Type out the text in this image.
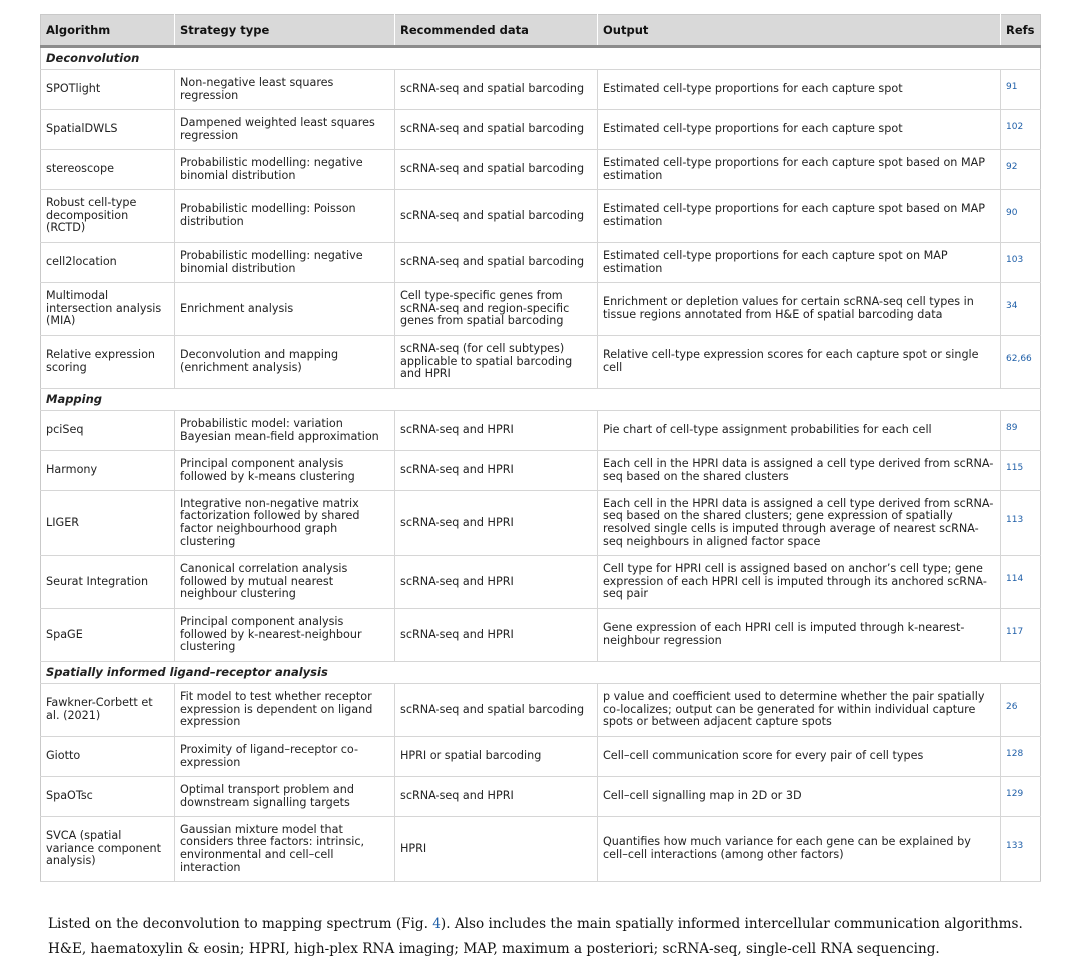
Algorithm	Strategy type	Recommended data	Output	Refs
Deconvolution				
SPOTlight	Non-negative least squares regression	scRNA-seq and spatial barcoding	Estimated cell-type proportions for each capture spot	91
SpatialDWLS	Dampened weighted least squares regression	scRNA-seq and spatial barcoding	Estimated cell-type proportions for each capture spot	102
stereoscope	Probabilistic modelling: negative binomial distribution	scRNA-seq and spatial barcoding	Estimated cell-type proportions for each capture spot based on MAP estimation	92
Robust cell-type decomposition (RCTD)	Probabilistic modelling: Poisson distribution	scRNA-seq and spatial barcoding	Estimated cell-type proportions for each capture spot based on MAP estimation	90
cell2location	Probabilistic modelling: negative binomial distribution	scRNA-seq and spatial barcoding	Estimated cell-type proportions for each capture spot on MAP estimation	103
Multimodal intersection analysis (MIA)	Enrichment analysis	Cell type-specific genes from scRNA-seq and region-specific genes from spatial barcoding	Enrichment or depletion values for certain scRNA-seq cell types in tissue regions annotated from H&E of spatial barcoding data	34
Relative expression scoring	Deconvolution and mapping (enrichment analysis)	scRNA-seq (for cell subtypes) applicable to spatial barcoding and HPRI	Relative cell-type expression scores for each capture spot or single cell	62,66
Mapping				
pciSeq	Probabilistic model: variation Bayesian mean-field approximation	scRNA-seq and HPRI	Pie chart of cell-type assignment probabilities for each cell	89
Harmony	Principal component analysis followed by k-means clustering	scRNA-seq and HPRI	Each cell in the HPRI data is assigned a cell type derived from scRNA-seq based on the shared clusters	115
LIGER	Integrative non-negative matrix factorization followed by shared factor neighbourhood graph clustering	scRNA-seq and HPRI	Each cell in the HPRI data is assigned a cell type derived from scRNA-seq based on the shared clusters; gene expression of spatially resolved single cells is imputed through average of nearest scRNA-seq neighbours in aligned factor space	113
Seurat Integration	Canonical correlation analysis followed by mutual nearest neighbour clustering	scRNA-seq and HPRI	Cell type for HPRI cell is assigned based on anchor’s cell type; gene expression of each HPRI cell is imputed through its anchored scRNA-seq pair	114
SpaGE	Principal component analysis followed by k-nearest-neighbour clustering	scRNA-seq and HPRI	Gene expression of each HPRI cell is imputed through k-nearest-neighbour regression	117
Spatially informed ligand–receptor analysis				
Fawkner-Corbett et al. (2021)	Fit model to test whether receptor expression is dependent on ligand expression	scRNA-seq and spatial barcoding	p value and coefficient used to determine whether the pair spatially co-localizes; output can be generated for within individual capture spots or between adjacent capture spots	26
Giotto	Proximity of ligand–receptor co-expression	HPRI or spatial barcoding	Cell–cell communication score for every pair of cell types	128
SpaOTsc	Optimal transport problem and downstream signalling targets	scRNA-seq and HPRI	Cell–cell signalling map in 2D or 3D	129
SVCA (spatial variance component analysis)	Gaussian mixture model that considers three factors: intrinsic, environmental and cell–cell interaction	HPRI	Quantifies how much variance for each gene can be explained by cell–cell interactions (among other factors)	133
Listed on the deconvolution to mapping spectrum (Fig. 4). Also includes the main spatially informed intercellular communication algorithms. H&E, haematoxylin & eosin; HPRI, high-plex RNA imaging; MAP, maximum a posteriori; scRNA-seq, single-cell RNA sequencing.
